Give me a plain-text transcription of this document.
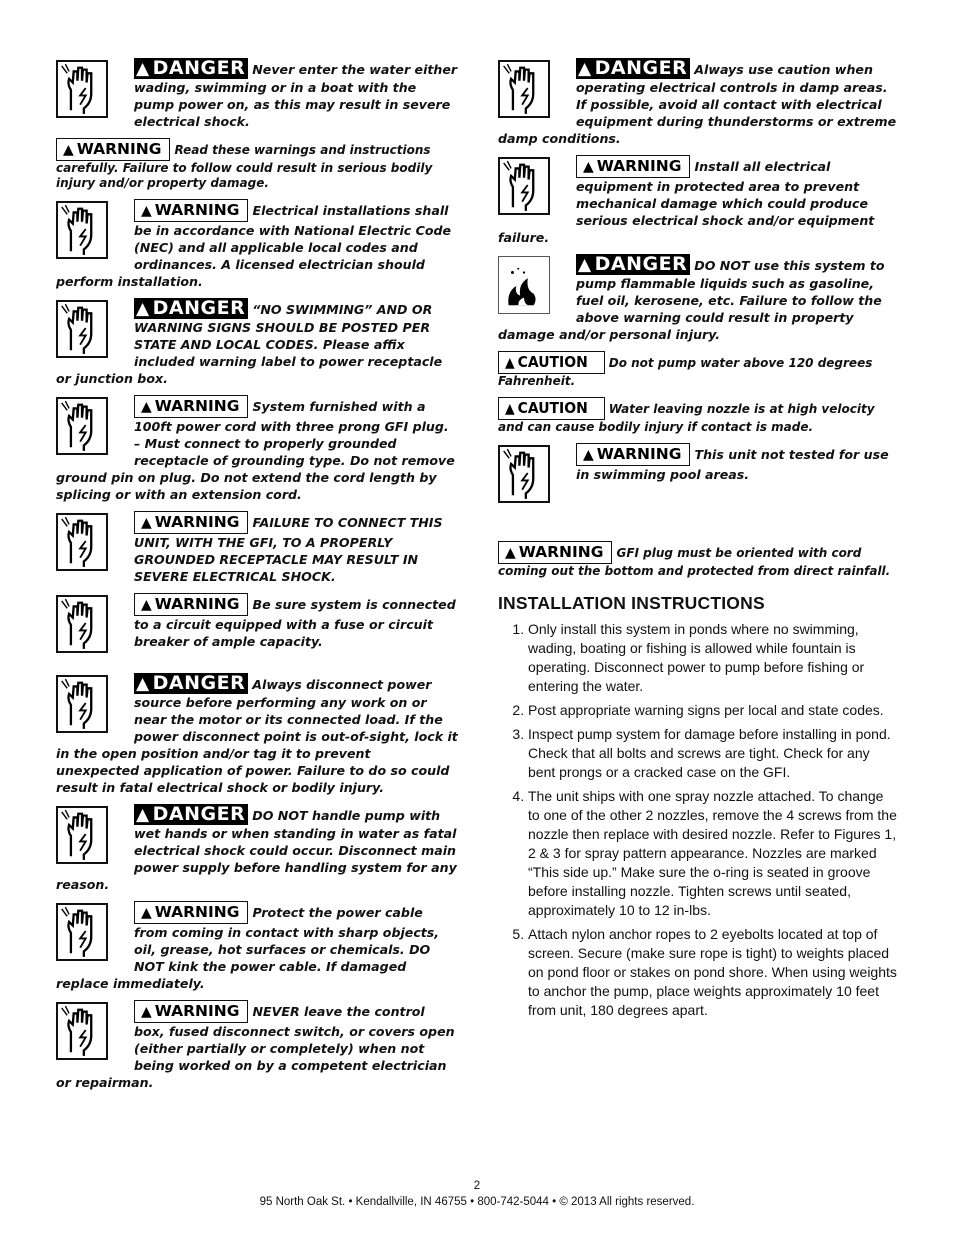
▲ DANGER Never enter the water either wading, swimming or in a boat with the pump power on, as this may result in severe electrical shock.
▲ WARNING Read these warnings and instructions carefully. Failure to follow could result in serious bodily injury and/or property damage.
▲ WARNING Electrical installations shall be in accordance with National Electric Code (NEC) and all applicable local codes and ordinances. A licensed electrician should perform installation.
▲ DANGER “NO SWIMMING” AND OR WARNING SIGNS SHOULD BE POSTED PER STATE AND LOCAL CODES. Please affix included warning label to power receptacle or junction box.
▲ WARNING System furnished with a 100ft power cord with three prong GFI plug. – Must connect to properly grounded receptacle of grounding type. Do not remove ground pin on plug. Do not extend the cord length by splicing or with an extension cord.
▲ WARNING FAILURE TO CONNECT THIS UNIT, WITH THE GFI, TO A PROPERLY GROUNDED RECEPTACLE MAY RESULT IN SEVERE ELECTRICAL SHOCK.
▲ WARNING Be sure system is connected to a circuit equipped with a fuse or circuit breaker of ample capacity.
▲ DANGER Always disconnect power source before performing any work on or near the motor or its connected load. If the power disconnect point is out-of-sight, lock it in the open position and/or tag it to prevent unexpected application of power. Failure to do so could result in fatal electrical shock or bodily injury.
▲ DANGER DO NOT handle pump with wet hands or when standing in water as fatal electrical shock could occur. Disconnect main power supply before handling system for any reason.
▲ WARNING Protect the power cable from coming in contact with sharp objects, oil, grease, hot surfaces or chemicals. DO NOT kink the power cable. If damaged replace immediately.
▲ WARNING NEVER leave the control box, fused disconnect switch, or covers open (either partially or completely) when not being worked on by a competent electrician or repairman.
▲ DANGER Always use caution when operating electrical controls in damp areas. If possible, avoid all contact with electrical equipment during thunderstorms or extreme damp conditions.
▲ WARNING Install all electrical equipment in protected area to prevent mechanical damage which could produce serious electrical shock and/or equipment failure.
▲ DANGER DO NOT use this system to pump flammable liquids such as gasoline, fuel oil, kerosene, etc. Failure to follow the above warning could result in property damage and/or personal injury.
▲ CAUTION Do not pump water above 120 degrees Fahrenheit.
▲ CAUTION Water leaving nozzle is at high velocity and can cause bodily injury if contact is made.
▲ WARNING This unit not tested for use in swimming pool areas.
▲ WARNING GFI plug must be oriented with cord coming out the bottom and protected from direct rainfall.
INSTALLATION INSTRUCTIONS
1. Only install this system in ponds where no swimming, wading, boating or fishing is allowed while fountain is operating. Disconnect power to pump before fishing or entering the water.
2. Post appropriate warning signs per local and state codes.
3. Inspect pump system for damage before installing in pond. Check that all bolts and screws are tight. Check for any bent prongs or a cracked case on the GFI.
4. The unit ships with one spray nozzle attached. To change to one of the other 2 nozzles, remove the 4 screws from the nozzle then replace with desired nozzle. Refer to Figures 1, 2 & 3 for spray pattern appearance. Nozzles are marked “This side up.” Make sure the o-ring is seated in groove before installing nozzle. Tighten screws until seated, approximately 10 to 12 in-lbs.
5. Attach nylon anchor ropes to 2 eyebolts located at top of screen. Secure (make sure rope is tight) to weights placed on pond floor or stakes on pond shore. When using weights to anchor the pump, place weights approximately 10 feet from unit, 180 degrees apart.
2
95 North Oak St. • Kendallville, IN 46755 • 800-742-5044 • © 2013 All rights reserved.
